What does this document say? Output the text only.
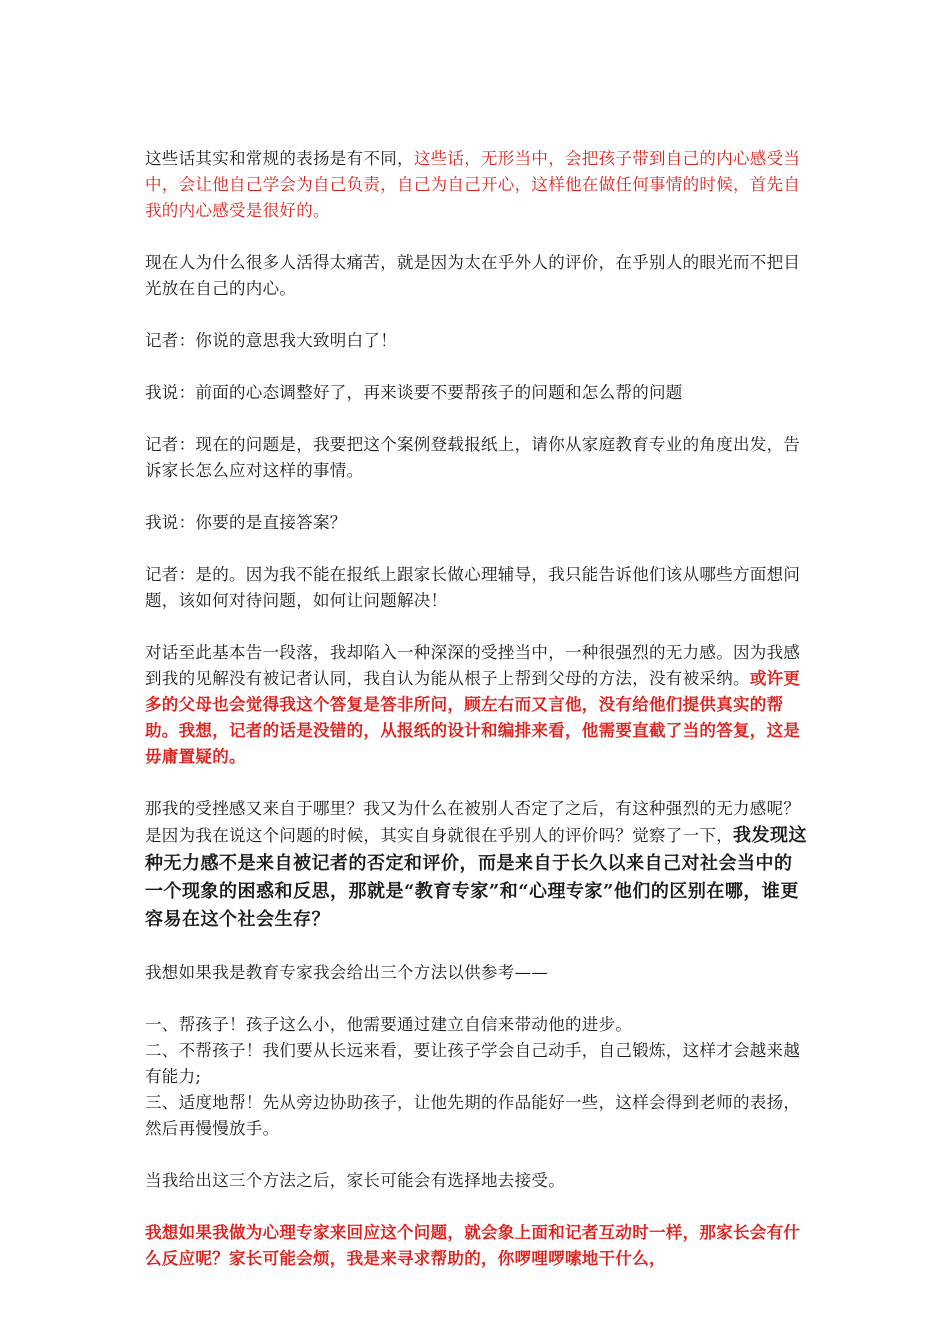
这些话其实和常规的表扬是有不同，这些话，无形当中，会把孩子带到自己的内心感受当中，会让他自己学会为自己负责，自己为自己开心，这样他在做任何事情的时候，首先自我的内心感受是很好的。

现在人为什么很多人活得太痛苦，就是因为太在乎外人的评价，在乎别人的眼光而不把目光放在自己的内心。

记者：你说的意思我大致明白了！

我说：前面的心态调整好了，再来谈要不要帮孩子的问题和怎么帮的问题

记者：现在的问题是，我要把这个案例登载报纸上，请你从家庭教育专业的角度出发，告诉家长怎么应对这样的事情。

我说：你要的是直接答案？

记者：是的。因为我不能在报纸上跟家长做心理辅导，我只能告诉他们该从哪些方面想问题，该如何对待问题，如何让问题解决！

对话至此基本告一段落，我却陷入一种深深的受挫当中，一种很强烈的无力感。因为我感到我的见解没有被记者认同，我自认为能从根子上帮到父母的方法，没有被采纳。或许更多的父母也会觉得我这个答复是答非所问，顾左右而又言他，没有给他们提供真实的帮助。我想，记者的话是没错的，从报纸的设计和编排来看，他需要直截了当的答复，这是毋庸置疑的。

那我的受挫感又来自于哪里？我又为什么在被别人否定了之后，有这种强烈的无力感呢？是因为我在说这个问题的时候，其实自身就很在乎别人的评价吗？觉察了一下，我发现这种无力感不是来自被记者的否定和评价，而是来自于长久以来自己对社会当中的一个现象的困惑和反思，那就是“教育专家”和“心理专家”他们的区别在哪，谁更容易在这个社会生存？

我想如果我是教育专家我会给出三个方法以供参考——

一、帮孩子！孩子这么小，他需要通过建立自信来带动他的进步。
二、不帮孩子！我们要从长远来看，要让孩子学会自己动手，自己锻炼，这样才会越来越有能力;
三、适度地帮！先从旁边协助孩子，让他先期的作品能好一些，这样会得到老师的表扬，然后再慢慢放手。

当我给出这三个方法之后，家长可能会有选择地去接受。

我想如果我做为心理专家来回应这个问题，就会象上面和记者互动时一样，那家长会有什么反应呢？家长可能会烦，我是来寻求帮助的，你啰哩啰嗦地干什么，
